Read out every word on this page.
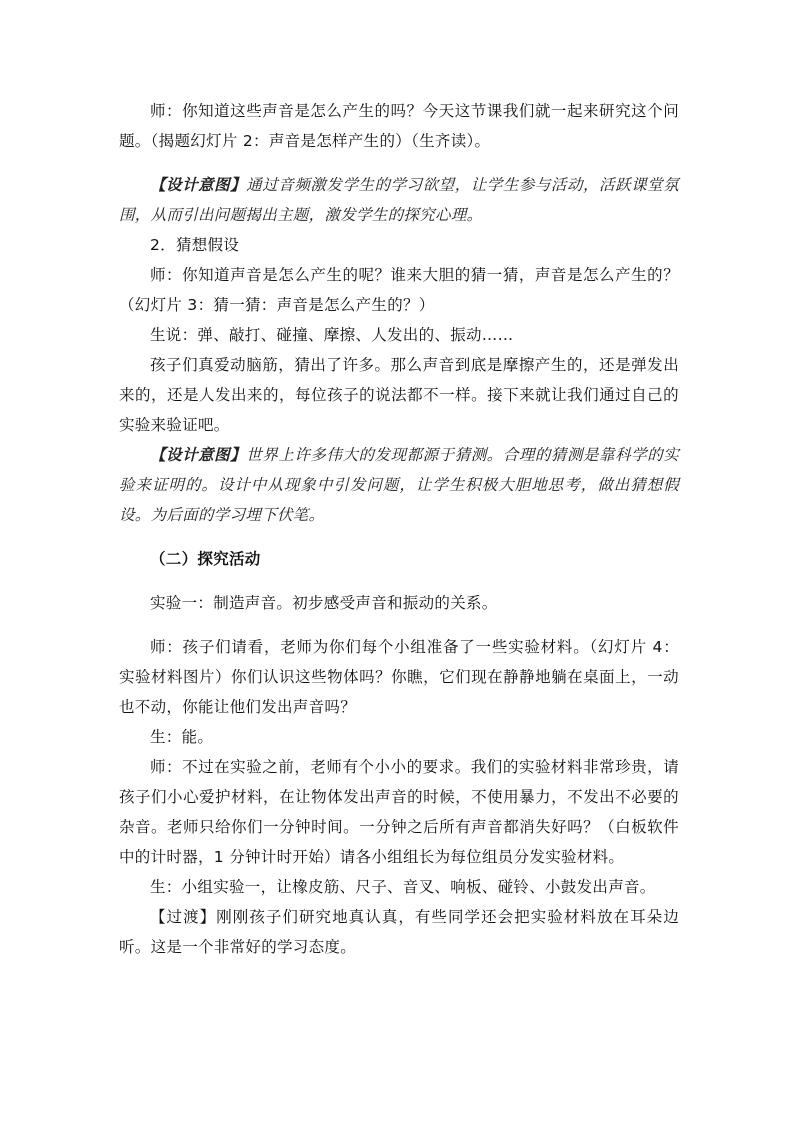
师：你知道这些声音是怎么产生的吗？今天这节课我们就一起来研究这个问题。（揭题幻灯片 2：声音是怎样产生的）（生齐读）。

【设计意图】通过音频激发学生的学习欲望，让学生参与活动，活跃课堂氛围，从而引出问题揭出主题，激发学生的探究心理。

2．猜想假设

师：你知道声音是怎么产生的呢？谁来大胆的猜一猜，声音是怎么产生的？（幻灯片 3：猜一猜：声音是怎么产生的？）

生说：弹、敲打、碰撞、摩擦、人发出的、振动……

孩子们真爱动脑筋，猜出了许多。那么声音到底是摩擦产生的，还是弹发出来的，还是人发出来的，每位孩子的说法都不一样。接下来就让我们通过自己的实验来验证吧。

【设计意图】世界上许多伟大的发现都源于猜测。合理的猜测是靠科学的实验来证明的。设计中从现象中引发问题，让学生积极大胆地思考，做出猜想假设。为后面的学习埋下伏笔。

（二）探究活动

实验一：制造声音。初步感受声音和振动的关系。

师：孩子们请看，老师为你们每个小组准备了一些实验材料。（幻灯片 4：实验材料图片）你们认识这些物体吗？你瞧，它们现在静静地躺在桌面上，一动也不动，你能让他们发出声音吗？

生：能。

师：不过在实验之前，老师有个小小的要求。我们的实验材料非常珍贵，请孩子们小心爱护材料，在让物体发出声音的时候，不使用暴力，不发出不必要的杂音。老师只给你们一分钟时间。一分钟之后所有声音都消失好吗？（白板软件中的计时器，1 分钟计时开始）请各小组组长为每位组员分发实验材料。

生：小组实验一，让橡皮筋、尺子、音叉、响板、碰铃、小鼓发出声音。

【过渡】刚刚孩子们研究地真认真，有些同学还会把实验材料放在耳朵边听。这是一个非常好的学习态度。
